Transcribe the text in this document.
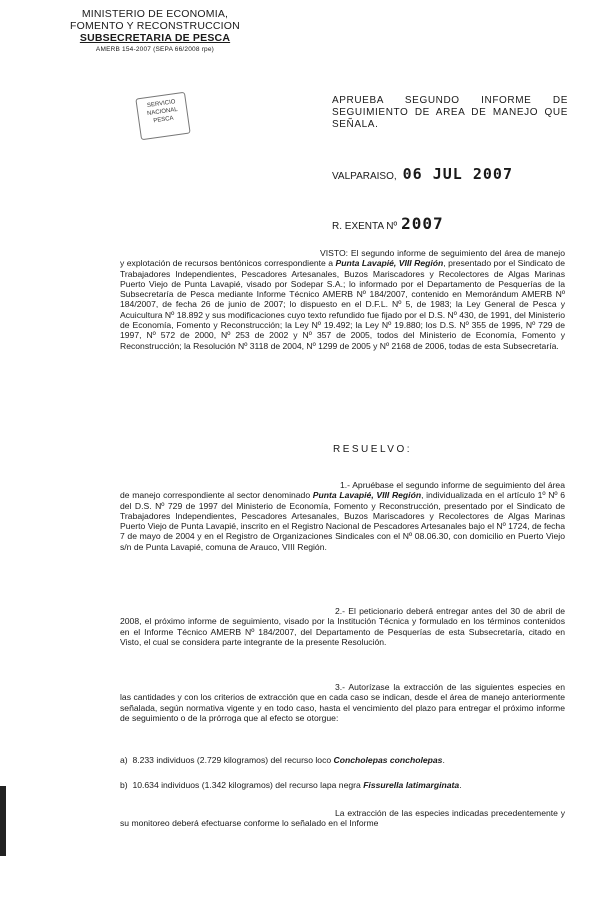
MINISTERIO DE ECONOMIA,
FOMENTO Y RECONSTRUCCION
SUBSECRETARIA DE PESCA
AMERB 154-2007 (SEPA 66/2008 rpe)
SERVICIO
NACIONAL
PESCA
APRUEBA SEGUNDO INFORME DE SEGUIMIENTO DE AREA DE MANEJO QUE SEÑALA.
VALPARAISO, 06 JUL 2007
R. EXENTA Nº 2007
VISTO: El segundo informe de seguimiento del área de manejo y explotación de recursos bentónicos correspondiente a Punta Lavapié, VIII Región, presentado por el Sindicato de Trabajadores Independientes, Pescadores Artesanales, Buzos Mariscadores y Recolectores de Algas Marinas Puerto Viejo de Punta Lavapié, visado por Sodepar S.A.; lo informado por el Departamento de Pesquerías de la Subsecretaría de Pesca mediante Informe Técnico AMERB Nº 184/2007, contenido en Memorándum AMERB Nº 184/2007, de fecha 26 de junio de 2007; lo dispuesto en el D.F.L. Nº 5, de 1983; la Ley General de Pesca y Acuicultura Nº 18.892 y sus modificaciones cuyo texto refundido fue fijado por el D.S. Nº 430, de 1991, del Ministerio de Economía, Fomento y Reconstrucción; la Ley Nº 19.492; la Ley Nº 19.880; los D.S. Nº 355 de 1995, Nº 729 de 1997, Nº 572 de 2000, Nº 253 de 2002 y Nº 357 de 2005, todos del Ministerio de Economía, Fomento y Reconstrucción; la Resolución Nº 3118 de 2004, Nº 1299 de 2005 y Nº 2168 de 2006, todas de esta Subsecretaría.
RESUELVO:
1.- Apruébase el segundo informe de seguimiento del área de manejo correspondiente al sector denominado Punta Lavapié, VIII Región, individualizada en el artículo 1º Nº 6 del D.S. Nº 729 de 1997 del Ministerio de Economía, Fomento y Reconstrucción, presentado por el Sindicato de Trabajadores Independientes, Pescadores Artesanales, Buzos Mariscadores y Recolectores de Algas Marinas Puerto Viejo de Punta Lavapié, inscrito en el Registro Nacional de Pescadores Artesanales bajo el Nº 1724, de fecha 7 de mayo de 2004 y en el Registro de Organizaciones Sindicales con el Nº 08.06.30, con domicilio en Puerto Viejo s/n de Punta Lavapié, comuna de Arauco, VIII Región.
2.- El peticionario deberá entregar antes del 30 de abril de 2008, el próximo informe de seguimiento, visado por la Institución Técnica y formulado en los términos contenidos en el Informe Técnico AMERB Nº 184/2007, del Departamento de Pesquerías de esta Subsecretaría, citado en Visto, el cual se considera parte integrante de la presente Resolución.
3.- Autorízase la extracción de las siguientes especies en las cantidades y con los criterios de extracción que en cada caso se indican, desde el área de manejo anteriormente señalada, según normativa vigente y en todo caso, hasta el vencimiento del plazo para entregar el próximo informe de seguimiento o de la prórroga que al efecto se otorgue:
a) 8.233 individuos (2.729 kilogramos) del recurso loco Concholepas concholepas.
b) 10.634 individuos (1.342 kilogramos) del recurso lapa negra Fissurella latimarginata.
La extracción de las especies indicadas precedentemente y su monitoreo deberá efectuarse conforme lo señalado en el Informe
